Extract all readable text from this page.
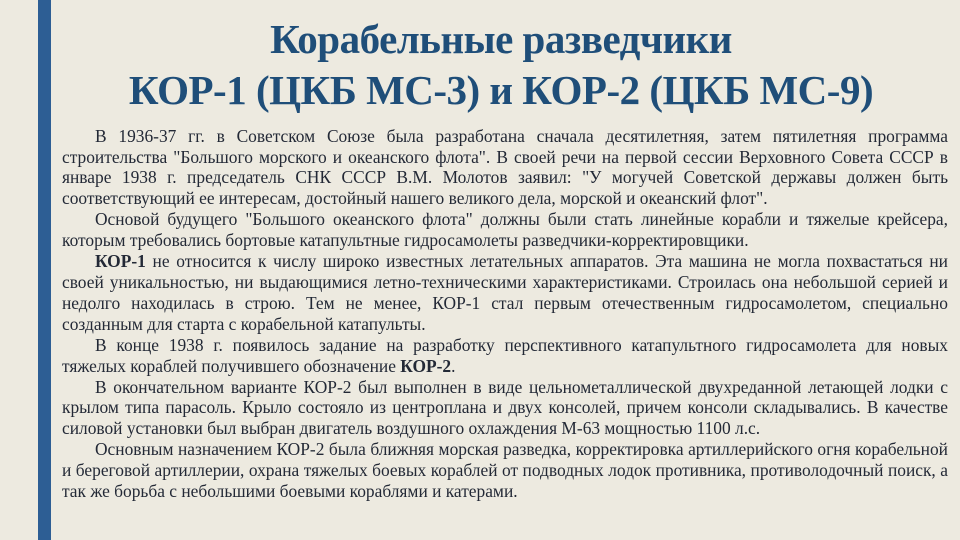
Корабельные разведчики
КОР-1 (ЦКБ МС-3) и КОР-2 (ЦКБ МС-9)

В 1936-37 гг. в Советском Союзе была разработана сначала десятилетняя, затем пятилетняя программа строительства "Большого морского и океанского флота". В своей речи на первой сессии Верховного Совета СССР в январе 1938 г. председатель СНК СССР В.М. Молотов заявил: "У могучей Советской державы должен быть соответствующий ее интересам, достойный нашего великого дела, морской и океанский флот".

Основой будущего "Большого океанского флота" должны были стать линейные корабли и тяжелые крейсера, которым требовались бортовые катапультные гидросамолеты разведчики-корректировщики.

КОР-1 не относится к числу широко известных летательных аппаратов. Эта машина не могла похвастаться ни своей уникальностью, ни выдающимися летно-техническими характеристиками. Строилась она небольшой серией и недолго находилась в строю. Тем не менее, КОР-1 стал первым отечественным гидросамолетом, специально созданным для старта с корабельной катапульты.

В конце 1938 г. появилось задание на разработку перспективного катапультного гидросамолета для новых тяжелых кораблей получившего обозначение КОР-2.

В окончательном варианте КОР-2 был выполнен в виде цельнометаллической двухреданной летающей лодки с крылом типа парасоль. Крыло состояло из центроплана и двух консолей, причем консоли складывались. В качестве силовой установки был выбран двигатель воздушного охлаждения М-63 мощностью 1100 л.с.

Основным назначением КОР-2 была ближняя морская разведка, корректировка артиллерийского огня корабельной и береговой артиллерии, охрана тяжелых боевых кораблей от подводных лодок противника, противолодочный поиск, а так же борьба с небольшими боевыми кораблями и катерами.
